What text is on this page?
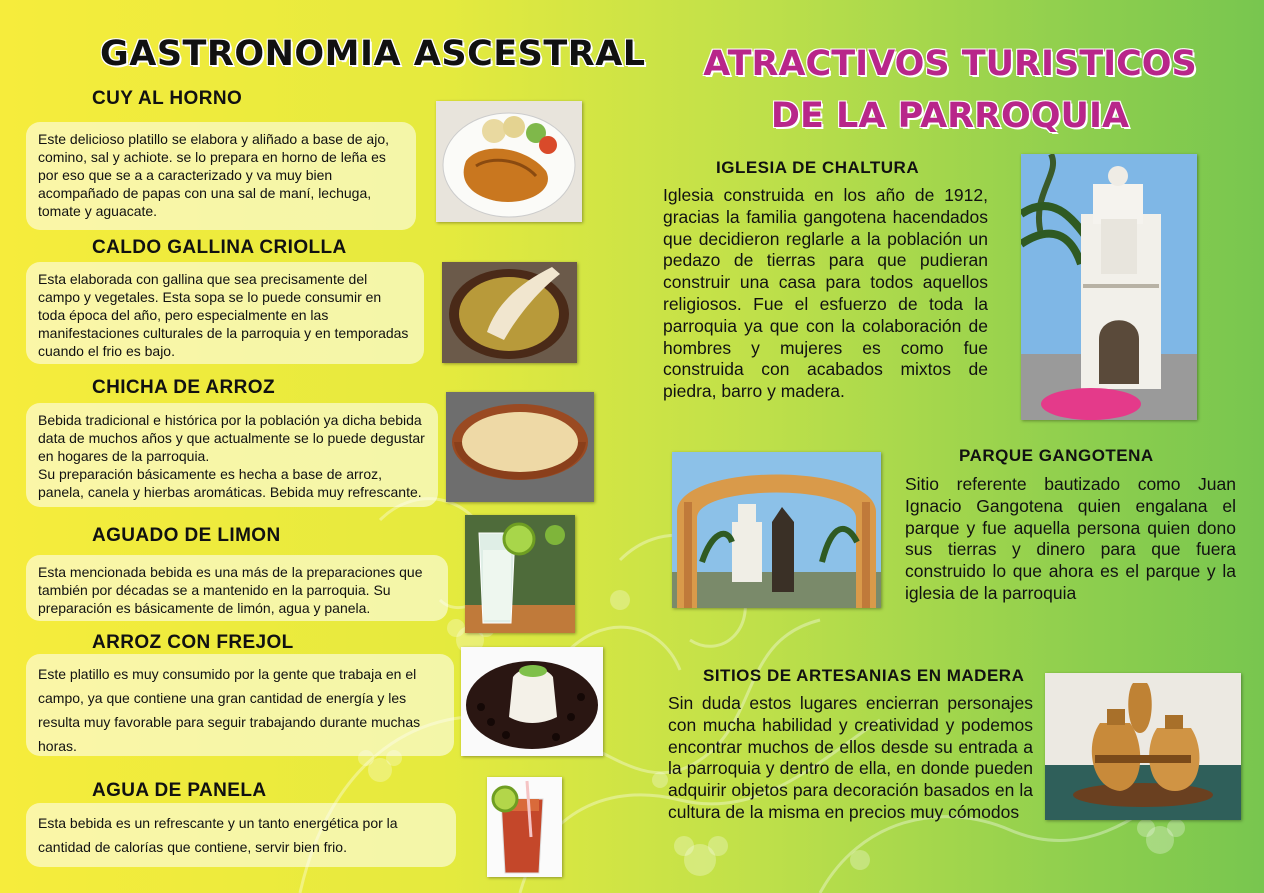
GASTRONOMIA ASCESTRAL
CUY AL HORNO
Este delicioso platillo se elabora y aliñado a base de ajo, comino, sal y achiote. se lo prepara en horno de leña es por eso que se a a caracterizado y va muy bien acompañado de papas con una sal de maní, lechuga, tomate y aguacate.
CALDO GALLINA CRIOLLA
Esta elaborada con gallina que sea precisamente del campo y vegetales. Esta sopa se lo puede consumir en toda época del año, pero especialmente en las manifestaciones culturales de la parroquia y en temporadas cuando el frio es bajo.
CHICHA DE ARROZ
Bebida tradicional e histórica por la población ya dicha bebida data de muchos años y que actualmente se lo puede degustar en hogares de la parroquia.
Su preparación básicamente es hecha a base de arroz, panela, canela y hierbas aromáticas. Bebida muy refrescante.
AGUADO DE LIMON
Esta mencionada bebida es una más de la preparaciones que también por décadas se a mantenido en la parroquia. Su preparación es básicamente de limón, agua y panela.
ARROZ CON FREJOL
Este platillo es muy consumido por la gente que trabaja en el campo, ya que contiene una gran cantidad de energía y les resulta muy favorable para seguir trabajando durante muchas horas.
AGUA DE PANELA
Esta bebida es un refrescante y un tanto energética por la cantidad de calorías que contiene, servir bien frio.
ATRACTIVOS TURISTICOS
DE LA PARROQUIA
IGLESIA DE CHALTURA
Iglesia construida en los año de 1912, gracias la familia gangotena hacendados que decidieron reglarle a la población un pedazo de tierras para que pudieran construir una casa para todos aquellos religiosos. Fue el esfuerzo de toda la parroquia ya que con la colaboración de hombres y mujeres es como fue construida con acabados mixtos de piedra, barro y madera.
PARQUE GANGOTENA
Sitio referente bautizado como Juan Ignacio Gangotena quien engalana el parque y fue aquella persona quien dono sus tierras y dinero para que fuera construido lo que ahora es el parque y la iglesia de la parroquia
SITIOS DE ARTESANIAS EN MADERA
Sin duda estos lugares encierran personajes con mucha habilidad y creatividad y podemos encontrar muchos de ellos desde su entrada a la parroquia y dentro de ella, en donde pueden adquirir objetos para decoración basados en la cultura de la misma en precios muy cómodos
